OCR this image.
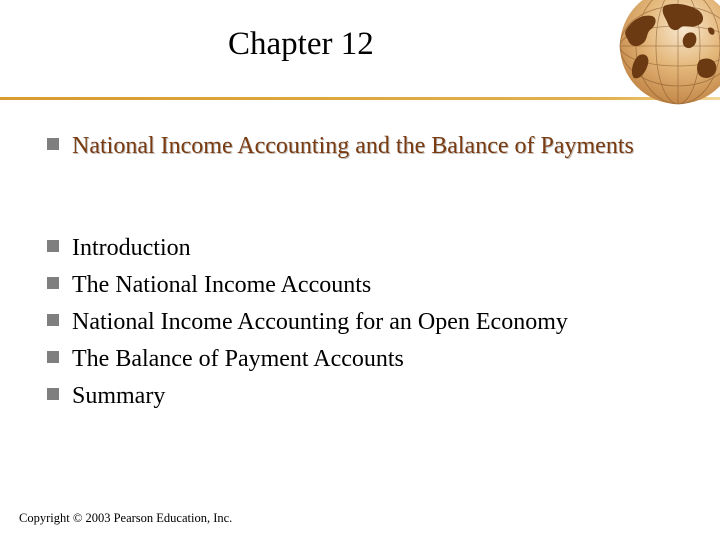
Chapter 12
National Income Accounting and the Balance of Payments
Introduction
The National Income Accounts
National Income Accounting for an Open Economy
The Balance of Payment Accounts
Summary
Copyright © 2003 Pearson Education, Inc.
